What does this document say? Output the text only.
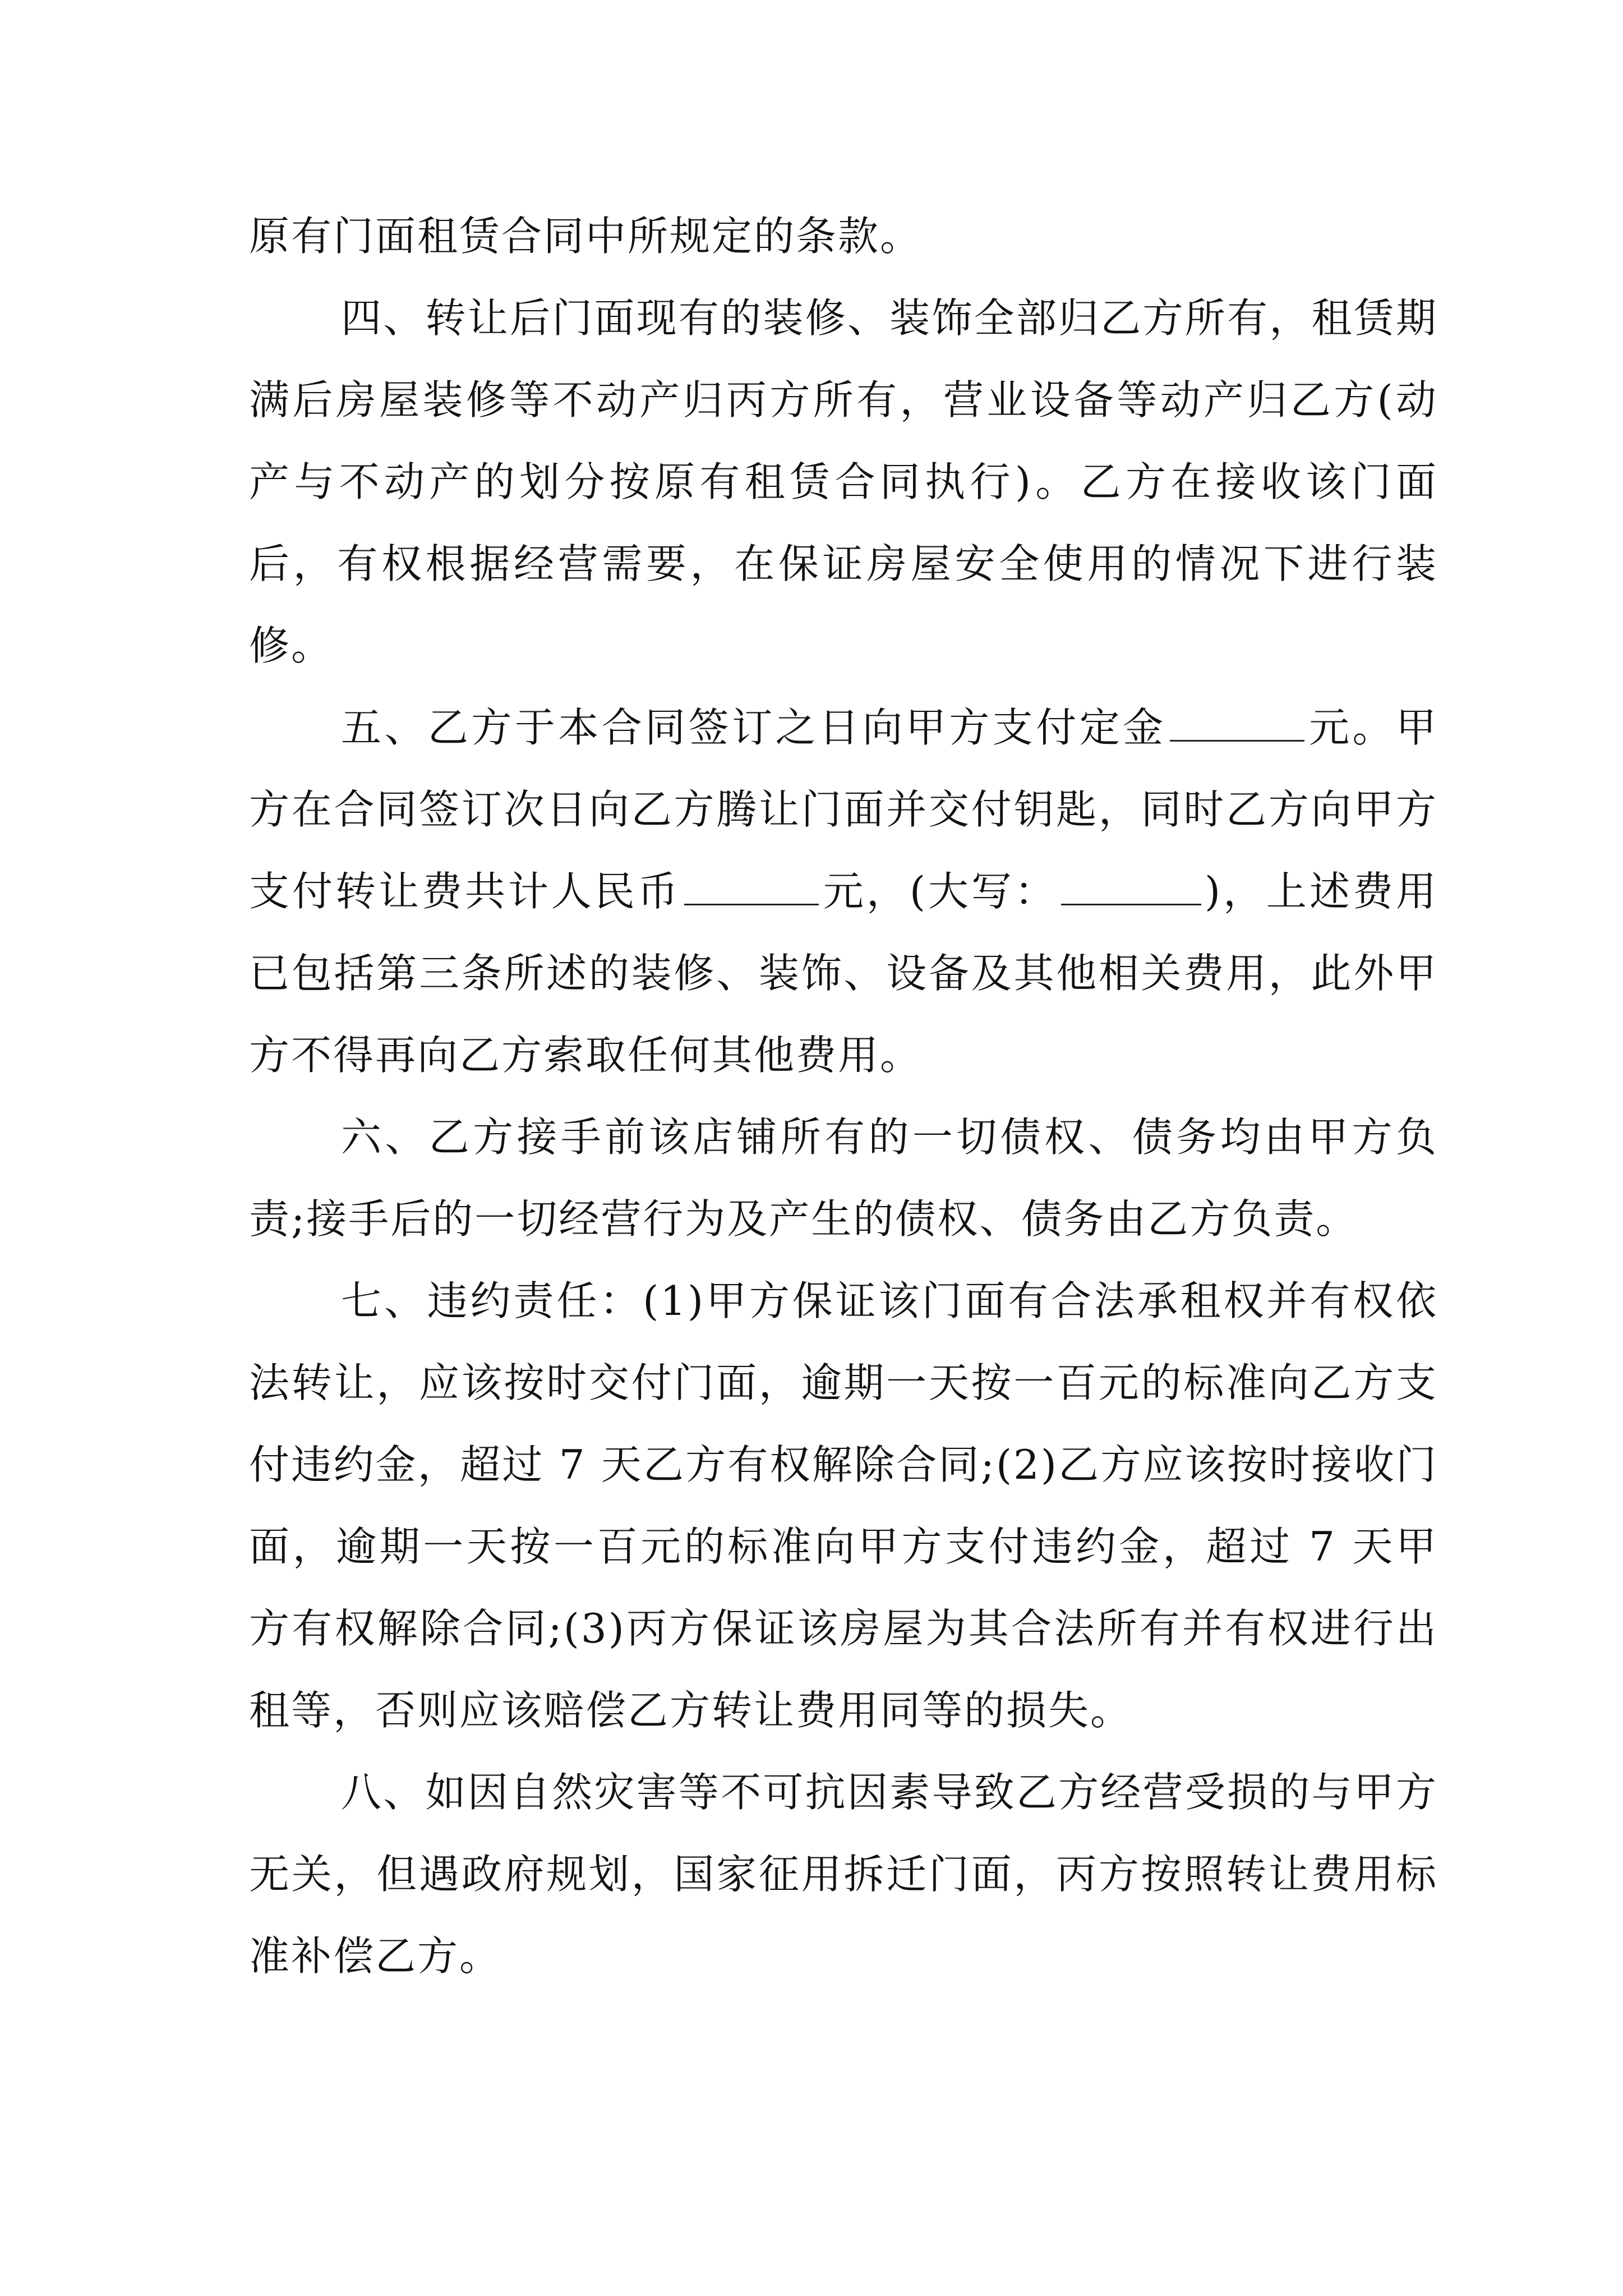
原有门面租赁合同中所规定的条款。

四、转让后门面现有的装修、装饰全部归乙方所有，租赁期满后房屋装修等不动产归丙方所有，营业设备等动产归乙方(动产与不动产的划分按原有租赁合同执行)。乙方在接收该门面后，有权根据经营需要，在保证房屋安全使用的情况下进行装修。

五、乙方于本合同签订之日向甲方支付定金	元。甲方在合同签订次日向乙方腾让门面并交付钥匙，同时乙方向甲方支付转让费共计人民币	元，(大写：	)，上述费用已包括第三条所述的装修、装饰、设备及其他相关费用，此外甲方不得再向乙方索取任何其他费用。

六、乙方接手前该店铺所有的一切债权、债务均由甲方负责;接手后的一切经营行为及产生的债权、债务由乙方负责。

七、违约责任：(1)甲方保证该门面有合法承租权并有权依法转让，应该按时交付门面，逾期一天按一百元的标准向乙方支付违约金，超过 7 天乙方有权解除合同;(2)乙方应该按时接收门面，逾期一天按一百元的标准向甲方支付违约金，超过 7 天甲方有权解除合同;(3)丙方保证该房屋为其合法所有并有权进行出租等，否则应该赔偿乙方转让费用同等的损失。

八、如因自然灾害等不可抗因素导致乙方经营受损的与甲方无关，但遇政府规划，国家征用拆迁门面，丙方按照转让费用标准补偿乙方。
